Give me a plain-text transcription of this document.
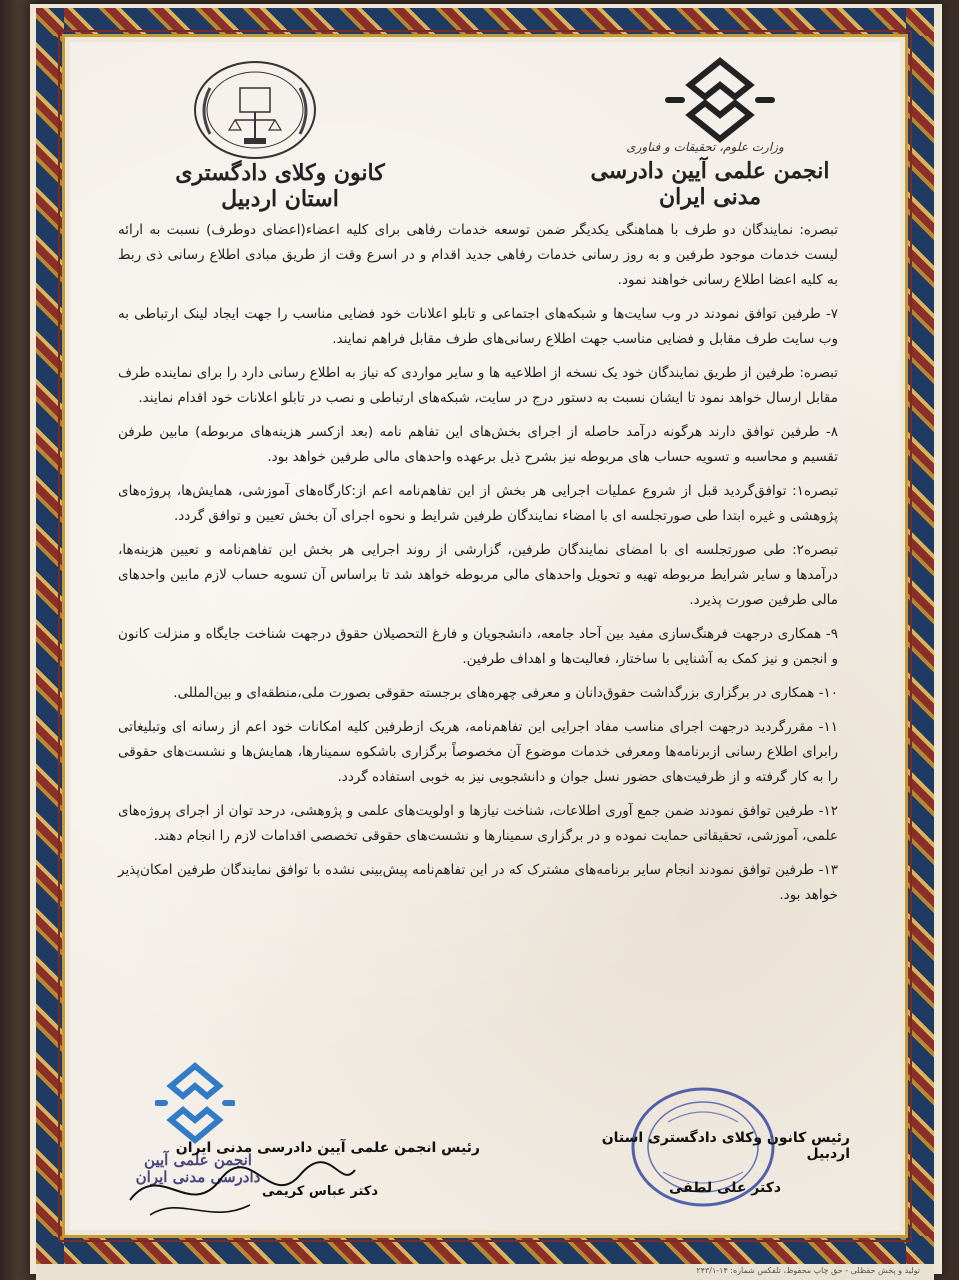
تولید و پخش حقظلی - حق چاپ محفوظ، تلفکس شماره: ۱۴-۲۴۳/۱
کانون وکلای دادگستری استان اردبیل
وزارت علوم، تحقیقات و فناوری
انجمن علمی آیین دادرسی مدنی ایران

تبصره: نمایندگان دو طرف با هماهنگی یکدیگر ضمن توسعه خدمات رفاهی برای کلیه اعضاء(اعضای دوطرف) نسبت به ارائه لیست خدمات موجود طرفین و به روز رسانی خدمات رفاهی جدید اقدام و در اسرع وقت از طریق مبادی اطلاع رسانی ذی ربط به کلیه اعضا اطلاع رسانی خواهند نمود.

۷- طرفین توافق نمودند در وب سایت‌ها و شبکه‌های اجتماعی و تابلو اعلانات خود فضایی مناسب را جهت ایجاد لینک ارتباطی به وب سایت طرف مقابل و فضایی مناسب جهت اطلاع رسانی‌های طرف مقابل فراهم نمایند.

تبصره: طرفین از طریق نمایندگان خود یک نسخه از اطلاعیه ها و سایر مواردی که نیاز به اطلاع رسانی دارد را برای نماینده طرف مقابل ارسال خواهد نمود تا ایشان نسبت به دستور درج در سایت، شبکه‌های ارتباطی و نصب در تابلو اعلانات خود اقدام نمایند.

۸- طرفین توافق دارند هرگونه درآمد حاصله از اجرای بخش‌های این تفاهم نامه (بعد ازکسر هزینه‌های مربوطه) مابین طرفن تقسیم و محاسبه و تسویه حساب های مربوطه نیز بشرح ذیل برعهده واحدهای مالی طرفین خواهد بود.

تبصره۱: توافق‌گردید قبل از شروع عملیات اجرایی هر بخش از این تفاهم‌نامه اعم از:کارگاه‌های آموزشی، همایش‌ها، پروژه‌های پژوهشی و غیره ابتدا طی صورتجلسه ای با امضاء نمایندگان طرفین شرایط و نحوه اجرای آن بخش تعیین و توافق گردد.

تبصره۲: طی صورتجلسه ای با امضای نمایندگان طرفین، گزارشی از روند اجرایی هر بخش این تفاهم‌نامه و تعیین هزینه‌ها، درآمدها و سایر شرایط مربوطه تهیه و تحویل واحدهای مالی مربوطه خواهد شد تا براساس آن تسویه حساب لازم مابین واحدهای مالی طرفین صورت پذیرد.

۹- همکاری درجهت فرهنگ‌سازی مفید بین آحاد جامعه، دانشجویان و فارغ التحصیلان حقوق درجهت شناخت جایگاه و منزلت کانون و انجمن و نیز کمک به آشنایی با ساختار، فعالیت‌ها و اهداف طرفین.

۱۰- همکاری در برگزاری بزرگداشت حقوق‌دانان و معرفی چهره‌های برجسته حقوقی بصورت ملی،منطقه‌ای و بین‌المللی.

۱۱- مقررگردید درجهت اجرای مناسب مفاد اجرایی این تفاهم‌نامه، هریک ازطرفین کلیه امکانات خود اعم از رسانه ای وتبلیغاتی رابرای اطلاع رسانی ازبرنامه‌ها ومعرفی خدمات موضوع آن مخصوصاً برگزاری باشکوه سمینارها، همایش‌ها و نشست‌های حقوقی را به کار گرفته و از ظرفیت‌های حضور نسل جوان و دانشجویی نیز به خوبی استفاده گردد.

۱۲- طرفین توافق نمودند ضمن جمع آوری اطلاعات، شناخت نیازها و اولویت‌های علمی و پژوهشی، درحد توان از اجرای پروژه‌های علمی، آموزشی، تحقیقاتی حمایت نموده و در برگزاری سمینارها و نشست‌های حقوقی تخصصی اقدامات لازم را انجام دهند.

۱۳- طرفین توافق نمودند انجام سایر برنامه‌های مشترک که در این تفاهم‌نامه پیش‌بینی نشده با توافق نمایندگان طرفین امکان‌پذیر خواهد بود.

انجمن علمی آیین
دادرسی مدنی ایران
رئیس کانون وکلای دادگستری استان اردبیل
دکتر علی لطفی
رئیس انجمن علمی آیین دادرسی مدنی ایران
دکتر عباس کریمی
